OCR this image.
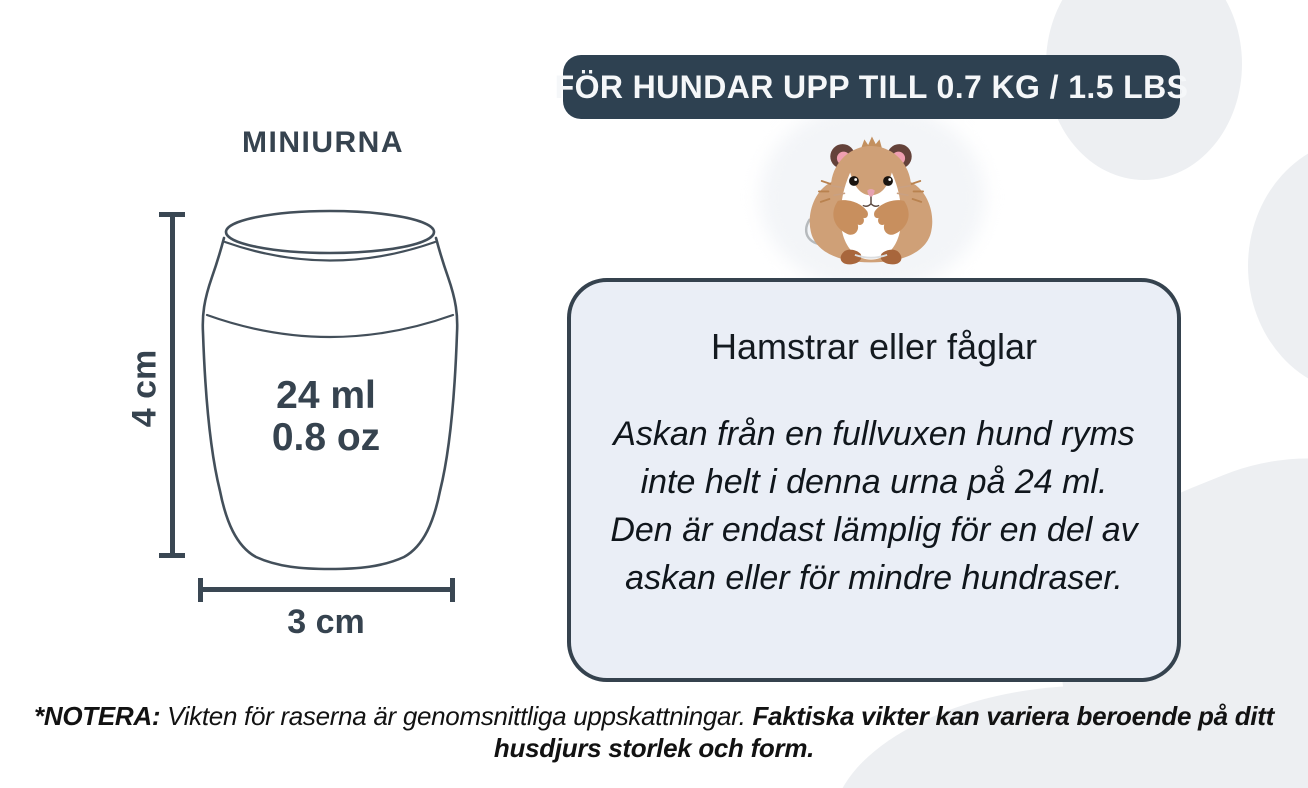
FÖR HUNDAR UPP TILL 0.7 KG / 1.5 LBS
MINIURNA
24 ml
0.8 oz
4 cm
3 cm
Hamstrar eller fåglar
Askan från en fullvuxen hund ryms
inte helt i denna urna på 24 ml.
Den är endast lämplig för en del av
askan eller för mindre hundraser.
*NOTERA: Vikten för raserna är genomsnittliga uppskattningar. Faktiska vikter kan variera beroende på ditt husdjurs storlek och form.
